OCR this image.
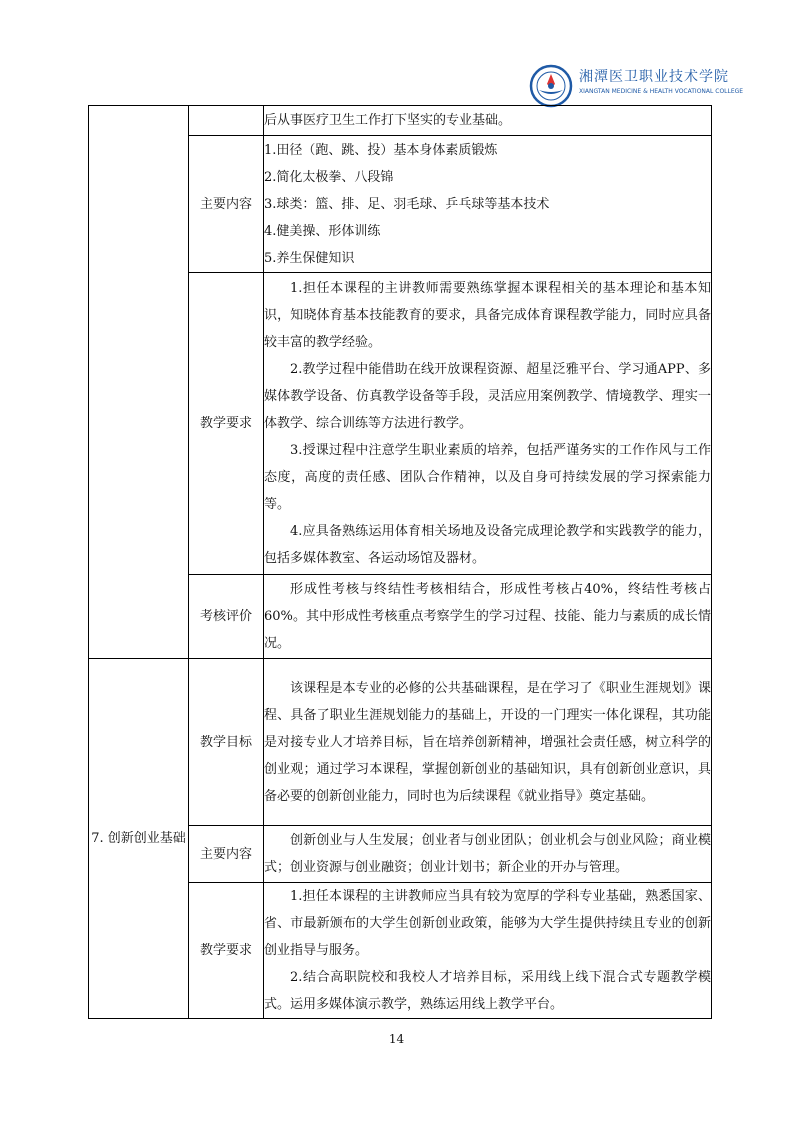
湘潭医卫职业技术学院
XIANGTAN MEDICINE & HEALTH VOCATIONAL COLLEGE

		后从事医疗卫生工作打下坚实的专业基础。

	主要内容	1.田径（跑、跳、投）基本身体素质锻炼

2.简化太极拳、八段锦

3.球类：篮、排、足、羽毛球、乒乓球等基本技术

4.健美操、形体训练

5.养生保健知识

	教学要求	1.担任本课程的主讲教师需要熟练掌握本课程相关的基本理论和基本知识，知晓体育基本技能教育的要求，具备完成体育课程教学能力，同时应具备较丰富的教学经验。

2.教学过程中能借助在线开放课程资源、超星泛雅平台、学习通APP、多媒体教学设备、仿真教学设备等手段，灵活应用案例教学、情境教学、理实一体教学、综合训练等方法进行教学。

3.授课过程中注意学生职业素质的培养，包括严谨务实的工作作风与工作态度，高度的责任感、团队合作精神，以及自身可持续发展的学习探索能力等。

4.应具备熟练运用体育相关场地及设备完成理论教学和实践教学的能力，包括多媒体教室、各运动场馆及器材。

	考核评价	形成性考核与终结性考核相结合，形成性考核占40%，终结性考核占60%。其中形成性考核重点考察学生的学习过程、技能、能力与素质的成长情况。

7. 创新创业基础	教学目标	该课程是本专业的必修的公共基础课程，是在学习了《职业生涯规划》课程、具备了职业生涯规划能力的基础上，开设的一门理实一体化课程，其功能是对接专业人才培养目标，旨在培养创新精神，增强社会责任感，树立科学的创业观；通过学习本课程，掌握创新创业的基础知识，具有创新创业意识，具备必要的创新创业能力，同时也为后续课程《就业指导》奠定基础。

	主要内容	创新创业与人生发展；创业者与创业团队；创业机会与创业风险；商业模式；创业资源与创业融资；创业计划书；新企业的开办与管理。

	教学要求	1.担任本课程的主讲教师应当具有较为宽厚的学科专业基础，熟悉国家、省、市最新颁布的大学生创新创业政策，能够为大学生提供持续且专业的创新创业指导与服务。

2.结合高职院校和我校人才培养目标，采用线上线下混合式专题教学模式。运用多媒体演示教学，熟练运用线上教学平台。

14
